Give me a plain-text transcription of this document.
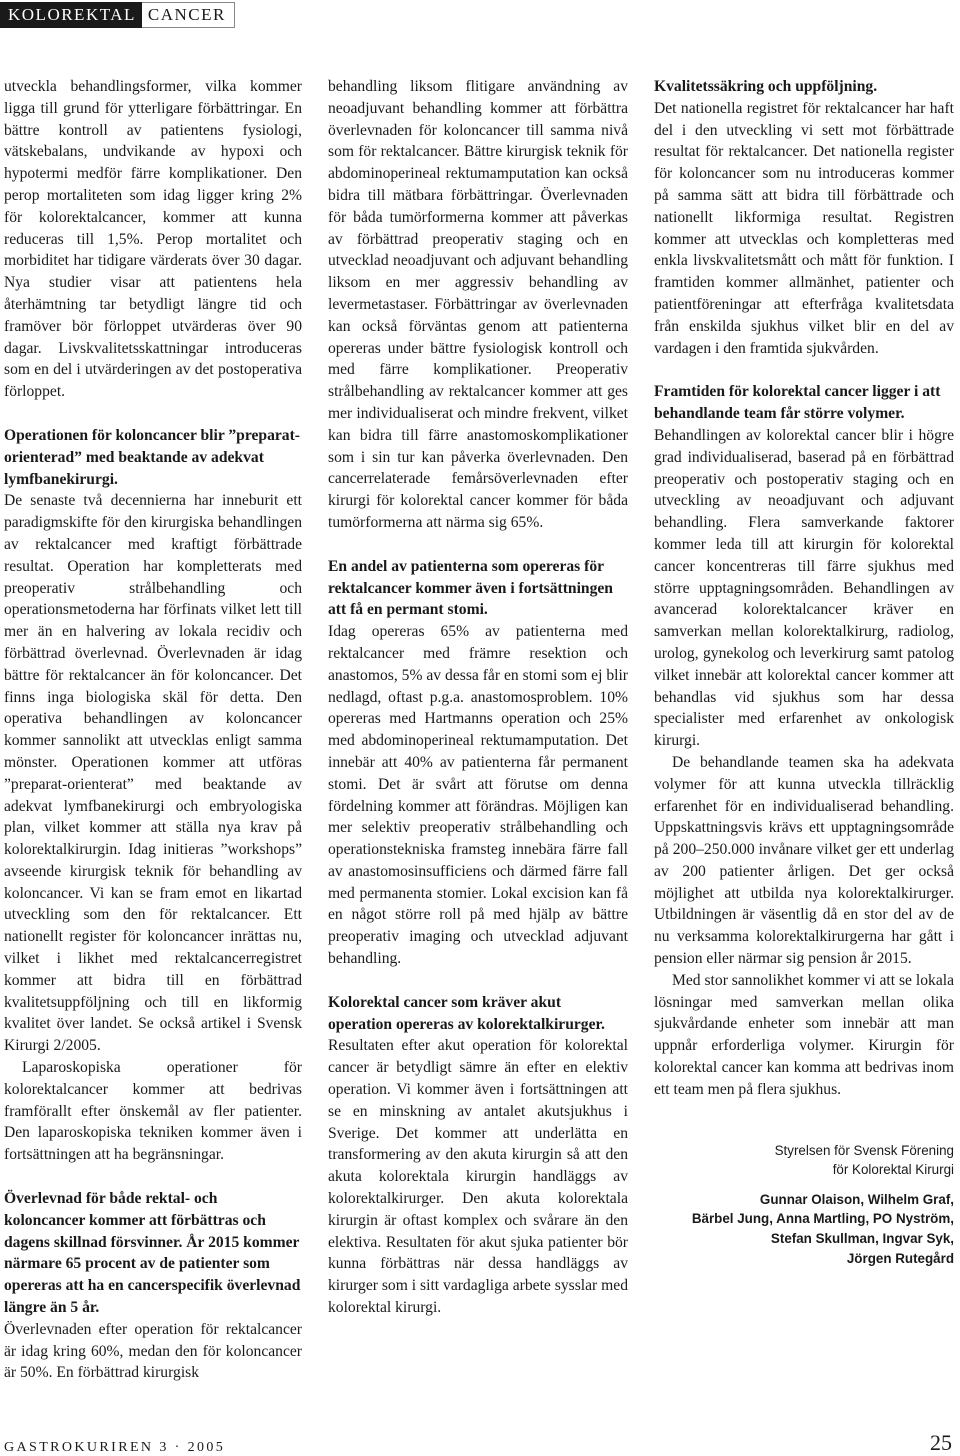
KOLOREKTAL CANCER

utveckla behandlingsformer, vilka kommer ligga till grund för ytterligare förbättringar. En bättre kontroll av patientens fysiologi, vätskebalans, undvikande av hypoxi och hypotermi medför färre komplikationer. Den perop mortaliteten som idag ligger kring 2% för kolorektalcancer, kommer att kunna reduceras till 1,5%. Perop mortalitet och morbiditet har tidigare värderats över 30 dagar. Nya studier visar att patientens hela återhämtning tar betydligt längre tid och framöver bör förloppet utvärderas över 90 dagar. Livskvalitetsskattningar introduceras som en del i utvärderingen av det postoperativa förloppet.

Operationen för koloncancer blir ”preparat-orienterad” med beaktande av adekvat lymfbanekirurgi.

De senaste två decennierna har inneburit ett paradigmskifte för den kirurgiska behandlingen av rektalcancer med kraftigt förbättrade resultat. Operation har kompletterats med preoperativ strålbehandling och operationsmetoderna har förfinats vilket lett till mer än en halvering av lokala recidiv och förbättrad överlevnad. Överlevnaden är idag bättre för rektalcancer än för koloncancer. Det finns inga biologiska skäl för detta. Den operativa behandlingen av koloncancer kommer sannolikt att utvecklas enligt samma mönster. Operationen kommer att utföras ”preparat-orienterat” med beaktande av adekvat lymfbanekirurgi och embryologiska plan, vilket kommer att ställa nya krav på kolorektalkirurgin. Idag initieras ”workshops” avseende kirurgisk teknik för behandling av koloncancer. Vi kan se fram emot en likartad utveckling som den för rektalcancer. Ett nationellt register för koloncancer inrättas nu, vilket i likhet med rektalcancerregistret kommer att bidra till en förbättrad kvalitetsuppföljning och till en likformig kvalitet över landet. Se också artikel i Svensk Kirurgi 2/2005.

Laparoskopiska operationer för kolorektalcancer kommer att bedrivas framförallt efter önskemål av fler patienter. Den laparoskopiska tekniken kommer även i fortsättningen att ha begränsningar.

Överlevnad för både rektal- och koloncancer kommer att förbättras och dagens skillnad försvinner. År 2015 kommer närmare 65 procent av de patienter som opereras att ha en cancerspecifik överlevnad längre än 5 år.

Överlevnaden efter operation för rektalcancer är idag kring 60%, medan den för koloncancer är 50%. En förbättrad kirurgisk

behandling liksom flitigare användning av neoadjuvant behandling kommer att förbättra överlevnaden för koloncancer till samma nivå som för rektalcancer. Bättre kirurgisk teknik för abdominoperineal rektumamputation kan också bidra till mätbara förbättringar. Överlevnaden för båda tumörformerna kommer att påverkas av förbättrad preoperativ staging och en utvecklad neoadjuvant och adjuvant behandling liksom en mer aggressiv behandling av levermetastaser. Förbättringar av överlevnaden kan också förväntas genom att patienterna opereras under bättre fysiologisk kontroll och med färre komplikationer. Preoperativ strålbehandling av rektalcancer kommer att ges mer individualiserat och mindre frekvent, vilket kan bidra till färre anastomoskomplikationer som i sin tur kan påverka överlevnaden. Den cancerrelaterade femårsöverlevnaden efter kirurgi för kolorektal cancer kommer för båda tumörformerna att närma sig 65%.

En andel av patienterna som opereras för rektalcancer kommer även i fortsättningen att få en permant stomi.

Idag opereras 65% av patienterna med rektalcancer med främre resektion och anastomos, 5% av dessa får en stomi som ej blir nedlagd, oftast p.g.a. anastomosproblem. 10% opereras med Hartmanns operation och 25% med abdominoperineal rektumamputation. Det innebär att 40% av patienterna får permanent stomi. Det är svårt att förutse om denna fördelning kommer att förändras. Möjligen kan mer selektiv preoperativ strålbehandling och operationstekniska framsteg innebära färre fall av anastomosinsufficiens och därmed färre fall med permanenta stomier. Lokal excision kan få en något större roll på med hjälp av bättre preoperativ imaging och utvecklad adjuvant behandling.

Kolorektal cancer som kräver akut operation opereras av kolorektalkirurger.

Resultaten efter akut operation för kolorektal cancer är betydligt sämre än efter en elektiv operation. Vi kommer även i fortsättningen att se en minskning av antalet akutsjukhus i Sverige. Det kommer att underlätta en transformering av den akuta kirurgin så att den akuta kolorektala kirurgin handläggs av kolorektalkirurger. Den akuta kolorektala kirurgin är oftast komplex och svårare än den elektiva. Resultaten för akut sjuka patienter bör kunna förbättras när dessa handläggs av kirurger som i sitt vardagliga arbete sysslar med kolorektal kirurgi.

Kvalitetssäkring och uppföljning.

Det nationella registret för rektalcancer har haft del i den utveckling vi sett mot förbättrade resultat för rektalcancer. Det nationella register för koloncancer som nu introduceras kommer på samma sätt att bidra till förbättrade och nationellt likformiga resultat. Registren kommer att utvecklas och kompletteras med enkla livskvalitetsmått och mått för funktion. I framtiden kommer allmänhet, patienter och patientföreningar att efterfråga kvalitetsdata från enskilda sjukhus vilket blir en del av vardagen i den framtida sjukvården.

Framtiden för kolorektal cancer ligger i att behandlande team får större volymer.

Behandlingen av kolorektal cancer blir i högre grad individualiserad, baserad på en förbättrad preoperativ och postoperativ staging och en utveckling av neoadjuvant och adjuvant behandling. Flera samverkande faktorer kommer leda till att kirurgin för kolorektal cancer koncentreras till färre sjukhus med större upptagningsområden. Behandlingen av avancerad kolorektalcancer kräver en samverkan mellan kolorektalkirurg, radiolog, urolog, gynekolog och leverkirurg samt patolog vilket innebär att kolorektal cancer kommer att behandlas vid sjukhus som har dessa specialister med erfarenhet av onkologisk kirurgi.

De behandlande teamen ska ha adekvata volymer för att kunna utveckla tillräcklig erfarenhet för en individualiserad behandling. Uppskattningsvis krävs ett upptagningsområde på 200–250.000 invånare vilket ger ett underlag av 200 patienter årligen. Det ger också möjlighet att utbilda nya kolorektalkirurger. Utbildningen är väsentlig då en stor del av de nu verksamma kolorektalkirurgerna har gått i pension eller närmar sig pension år 2015.

Med stor sannolikhet kommer vi att se lokala lösningar med samverkan mellan olika sjukvårdande enheter som innebär att man uppnår erforderliga volymer. Kirurgin för kolorektal cancer kan komma att bedrivas inom ett team men på flera sjukhus.

Styrelsen för Svensk Förening
för Kolorektal Kirurgi
Gunnar Olaison, Wilhelm Graf,
Bärbel Jung, Anna Martling, PO Nyström,
Stefan Skullman, Ingvar Syk,
Jörgen Rutegård
GASTROKURIREN 3 · 2005	25
